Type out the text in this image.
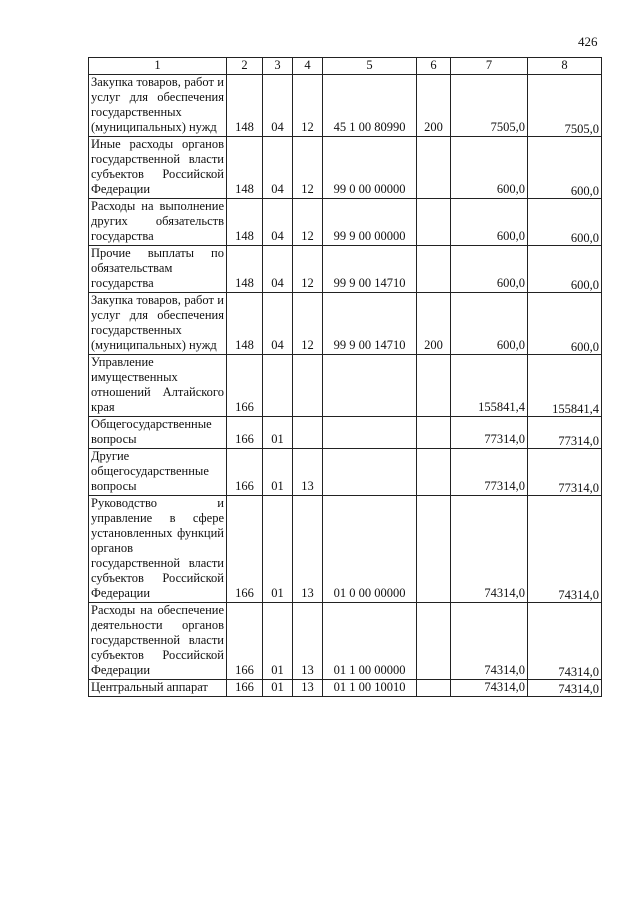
426
1	2	3	4	5	6	7	8
Закупка товаров, работ и услуг для обеспечения государственных (муниципальных) нужд	148	04	12	45 1 00 80990	200	7505,0	7505,0
Иные расходы органов государственной власти субъектов Российской Федерации	148	04	12	99 0 00 00000		600,0	600,0
Расходы на выполнение других обязательств государства	148	04	12	99 9 00 00000		600,0	600,0
Прочие выплаты по обязательствам государства	148	04	12	99 9 00 14710		600,0	600,0
Закупка товаров, работ и услуг для обеспечения государственных (муниципальных) нужд	148	04	12	99 9 00 14710	200	600,0	600,0
Управление имущественных отношений Алтайского края	166					155841,4	155841,4
Общегосударственные вопросы	166	01				77314,0	77314,0
Другие общегосударственные вопросы	166	01	13			77314,0	77314,0
Руководство и управление в сфере установленных функций органов государственной власти субъектов Российской Федерации	166	01	13	01 0 00 00000		74314,0	74314,0
Расходы на обеспечение деятельности органов государственной власти субъектов Российской Федерации	166	01	13	01 1 00 00000		74314,0	74314,0
Центральный аппарат	166	01	13	01 1 00 10010		74314,0	74314,0
